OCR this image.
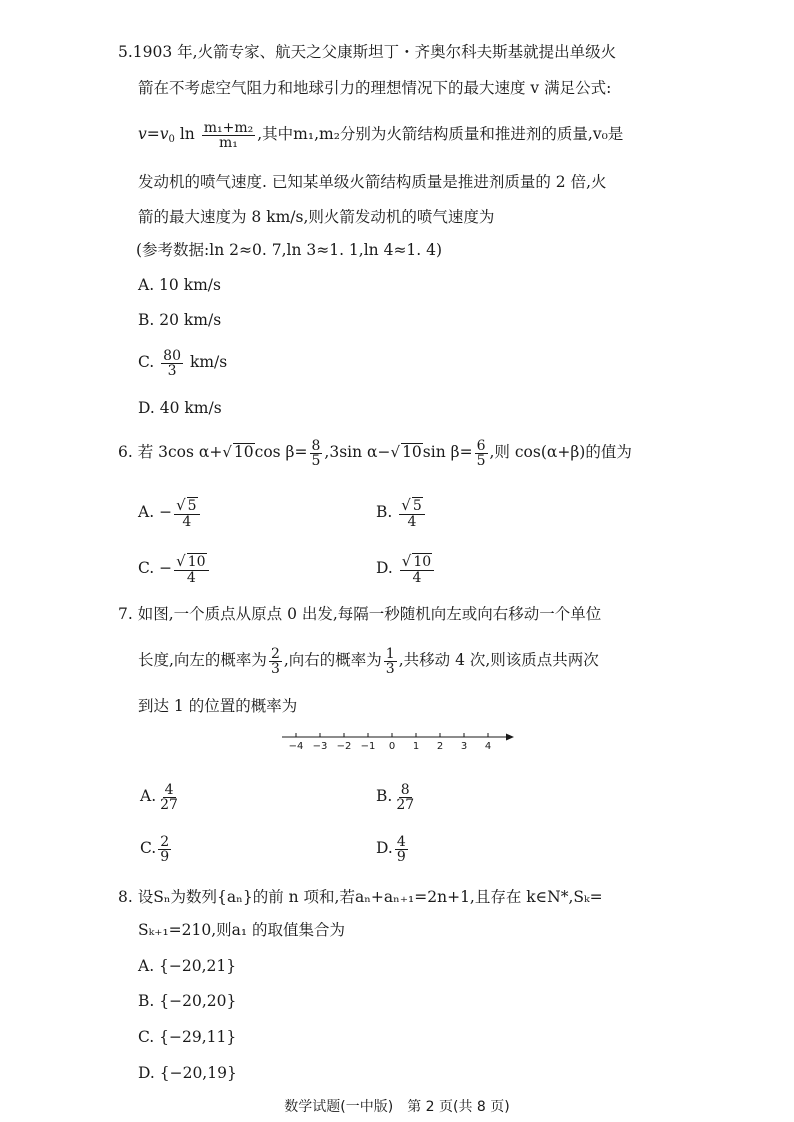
5.1903 年,火箭专家、航天之父康斯坦丁・齐奥尔科夫斯基就提出单级火
箭在不考虑空气阻力和地球引力的理想情况下的最大速度 v 满足公式:
$v=v_0$ $\ln \frac{\text{m₁+m₂}}{\text{m₁}}$ ,其中m₁,m₂分别为火箭结构质量和推进剂的质量,v₀是
发动机的喷气速度. 已知某单级火箭结构质量是推进剂质量的 2 倍,火
箭的最大速度为 8 km/s,则火箭发动机的喷气速度为
(参考数据:ln 2≈0. 7,ln 3≈1. 1,ln 4≈1. 4)
A. 10 km/s
B. 20 km/s
C. $\frac{80}{3} km/s$
D. 40 km/s
6. 若 3cos α+√ 10cos $\beta= \frac{8}{5} ,3\sin$ α−√ 10sin $\beta= \frac{6}{5}$ ,则 cos(α+β)的值为
A. − $\frac{√ 5}{4}$	B. $\frac{√ 5}{4}$
C. − $\frac{√ 10}{4}$	D. $\frac{√ 10}{4}$
7. 如图,一个质点从原点 0 出发,每隔一秒随机向左或向右移动一个单位
长度,向左的概率为 $\frac{2}{3}$ ,向右的概率为 $\frac{1}{3}$ ,共移动 4 次,则该质点共两次
到达 1 的位置的概率为
−4 −3 −2 −1 0 1 2 3 4
A. $\frac{4}{27}$	B. $\frac{8}{27}$
C. $\frac{2}{9}$	D. $\frac{4}{9}$
8. 设Sₙ为数列{aₙ}的前 n 项和,若aₙ+aₙ₊₁=2n+1,且存在 k∈N*,Sₖ=
Sₖ₊₁=210,则a₁ 的取值集合为
A. {−20,21}
B. {−20,20}
C. {−29,11}
D. {−20,19}
数学试题(一中版)　第 2 页(共 8 页)
